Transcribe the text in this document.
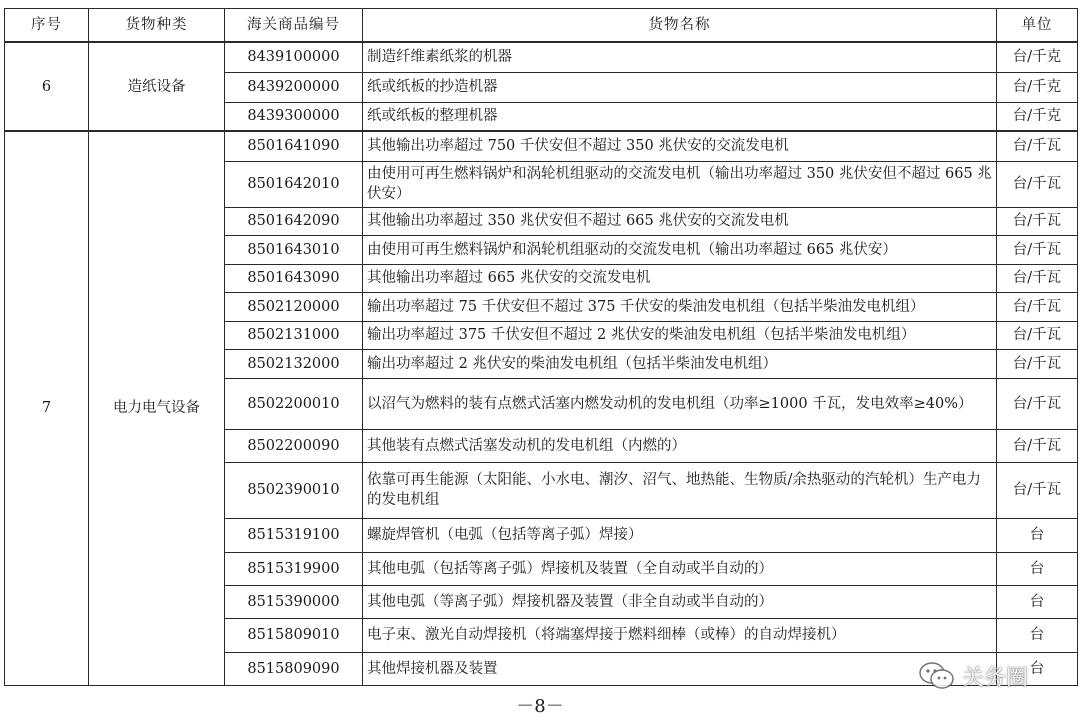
序号	货物种类	海关商品编号	货物名称	单位
6	造纸设备	8439100000	制造纤维素纸浆的机器	台/千克
		8439200000	纸或纸板的抄造机器	台/千克
		8439300000	纸或纸板的整理机器	台/千克
7	电力电气设备	8501641090	其他输出功率超过 750 千伏安但不超过 350 兆伏安的交流发电机	台/千瓦
		8501642010	由使用可再生燃料锅炉和涡轮机组驱动的交流发电机（输出功率超过 350 兆伏安但不超过 665 兆伏安）	台/千瓦
		8501642090	其他输出功率超过 350 兆伏安但不超过 665 兆伏安的交流发电机	台/千瓦
		8501643010	由使用可再生燃料锅炉和涡轮机组驱动的交流发电机（输出功率超过 665 兆伏安）	台/千瓦
		8501643090	其他输出功率超过 665 兆伏安的交流发电机	台/千瓦
		8502120000	输出功率超过 75 千伏安但不超过 375 千伏安的柴油发电机组（包括半柴油发电机组）	台/千瓦
		8502131000	输出功率超过 375 千伏安但不超过 2 兆伏安的柴油发电机组（包括半柴油发电机组）	台/千瓦
		8502132000	输出功率超过 2 兆伏安的柴油发电机组（包括半柴油发电机组）	台/千瓦
		8502200010	以沼气为燃料的装有点燃式活塞内燃发动机的发电机组（功率≥1000 千瓦，发电效率≥40%）	台/千瓦
		8502200090	其他装有点燃式活塞发动机的发电机组（内燃的）	台/千瓦
		8502390010	依靠可再生能源（太阳能、小水电、潮汐、沼气、地热能、生物质/余热驱动的汽轮机）生产电力的发电机组	台/千瓦
		8515319100	螺旋焊管机（电弧（包括等离子弧）焊接）	台
		8515319900	其他电弧（包括等离子弧）焊接机及装置（全自动或半自动的）	台
		8515390000	其他电弧（等离子弧）焊接机器及装置（非全自动或半自动的）	台
		8515809010	电子束、激光自动焊接机（将端塞焊接于燃料细棒（或棒）的自动焊接机）	台
		8515809090	其他焊接机器及装置	台
关务圈
－8－
